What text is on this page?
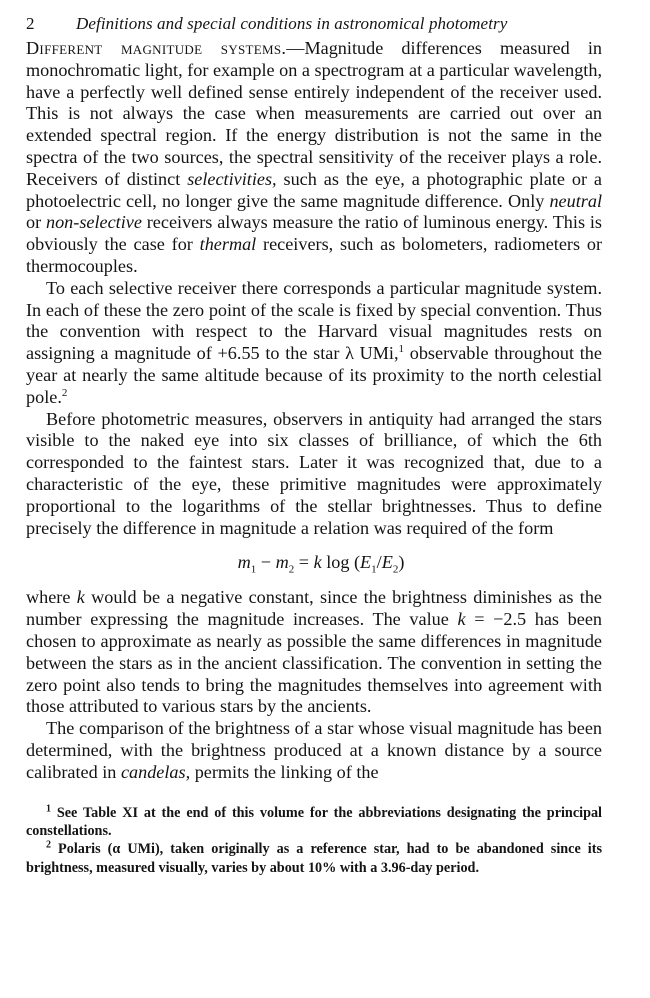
2	Definitions and special conditions in astronomical photometry

Different magnitude systems.—Magnitude differences measured in monochromatic light, for example on a spectrogram at a particular wavelength, have a perfectly well defined sense entirely independent of the receiver used. This is not always the case when measurements are carried out over an extended spectral region. If the energy distribution is not the same in the spectra of the two sources, the spectral sensitivity of the receiver plays a role. Receivers of distinct selectivities, such as the eye, a photographic plate or a photoelectric cell, no longer give the same magnitude difference. Only neutral or non-selective receivers always measure the ratio of luminous energy. This is obviously the case for thermal receivers, such as bolometers, radiometers or thermocouples.

To each selective receiver there corresponds a particular magnitude system. In each of these the zero point of the scale is fixed by special convention. Thus the convention with respect to the Harvard visual magnitudes rests on assigning a magnitude of +6.55 to the star λ UMi,$^1$ observable throughout the year at nearly the same altitude because of its proximity to the north celestial pole.$^2$

Before photometric measures, observers in antiquity had arranged the stars visible to the naked eye into six classes of brilliance, of which the 6th corresponded to the faintest stars. Later it was recognized that, due to a characteristic of the eye, these primitive magnitudes were approximately proportional to the logarithms of the stellar brightnesses. Thus to define precisely the difference in magnitude a relation was required of the form

$m_1 - m_2 = k$ $\log (E_1/E_2)$

where k would be a negative constant, since the brightness diminishes as the number expressing the magnitude increases. The value k = −2.5 has been chosen to approximate as nearly as possible the same differences in magnitude between the stars as in the ancient classification. The convention in setting the zero point also tends to bring the magnitudes themselves into agreement with those attributed to various stars by the ancients.

The comparison of the brightness of a star whose visual magnitude has been determined, with the brightness produced at a known distance by a source calibrated in candelas, permits the linking of the

$^1$ See Table XI at the end of this volume for the abbreviations designating the principal constellations.

$^2$ Polaris (α UMi), taken originally as a reference star, had to be abandoned since its brightness, measured visually, varies by about 10% with a 3.96-day period.
